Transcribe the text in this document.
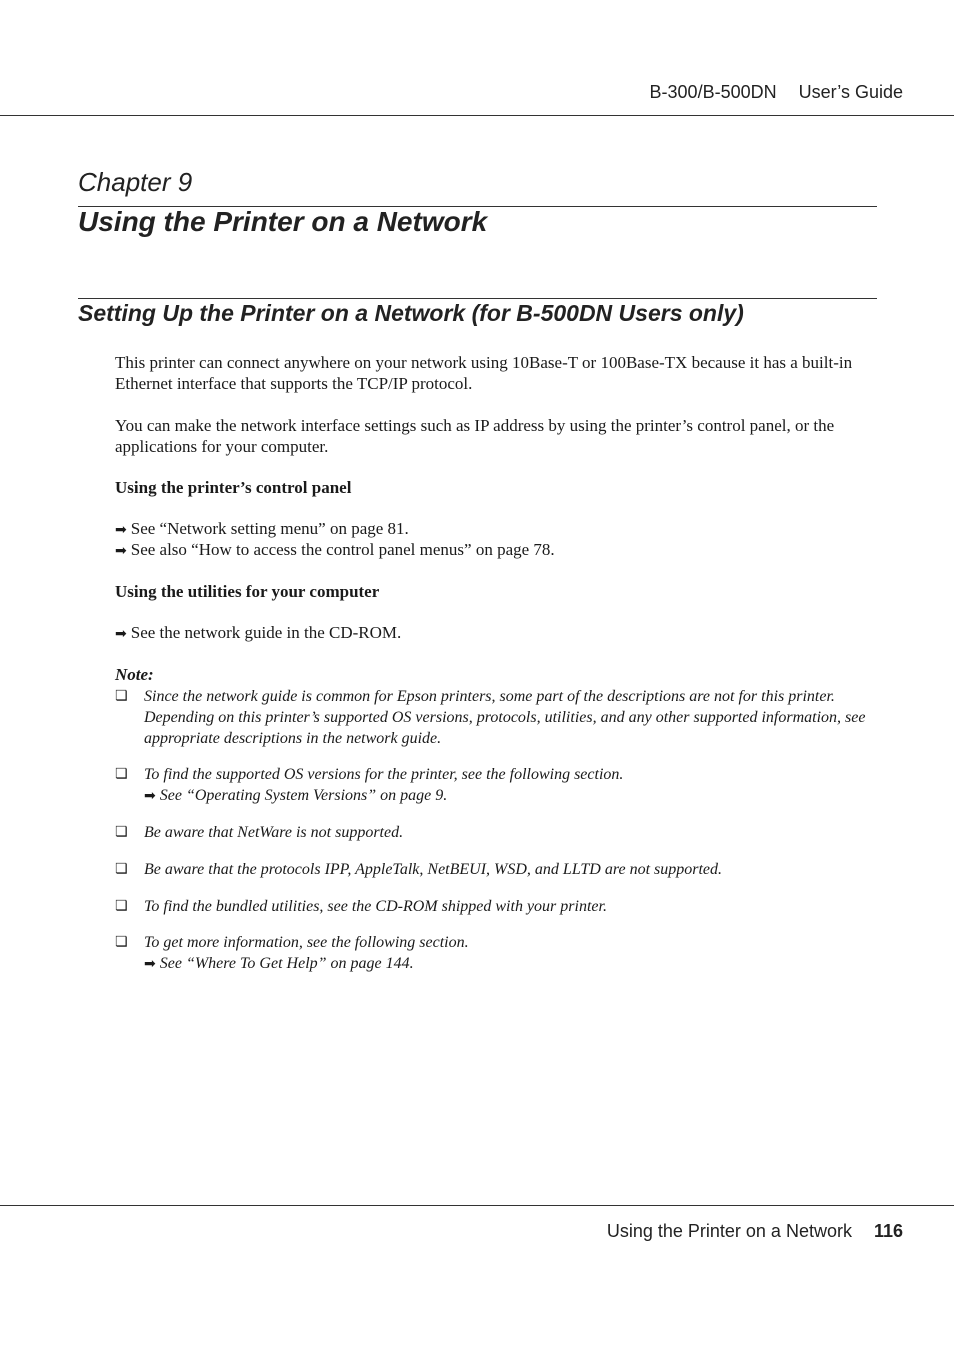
B-300/B-500DN User’s Guide
Chapter 9
Using the Printer on a Network
Setting Up the Printer on a Network (for B-500DN Users only)
This printer can connect anywhere on your network using 10Base-T or 100Base-TX because it has a built-in Ethernet interface that supports the TCP/IP protocol.
You can make the network interface settings such as IP address by using the printer’s control panel, or the applications for your computer.
Using the printer’s control panel
➡ See “Network setting menu” on page 81.
➡ See also “How to access the control panel menus” on page 78.
Using the utilities for your computer
➡ See the network guide in the CD-ROM.
Note:
❏ Since the network guide is common for Epson printers, some part of the descriptions are not for this printer. Depending on this printer’s supported OS versions, protocols, utilities, and any other supported information, see appropriate descriptions in the network guide.
❏ To find the supported OS versions for the printer, see the following section.
➡ See “Operating System Versions” on page 9.
❏ Be aware that NetWare is not supported.
❏ Be aware that the protocols IPP, AppleTalk, NetBEUI, WSD, and LLTD are not supported.
❏ To find the bundled utilities, see the CD-ROM shipped with your printer.
❏ To get more information, see the following section.
➡ See “Where To Get Help” on page 144.
Using the Printer on a Network 116
